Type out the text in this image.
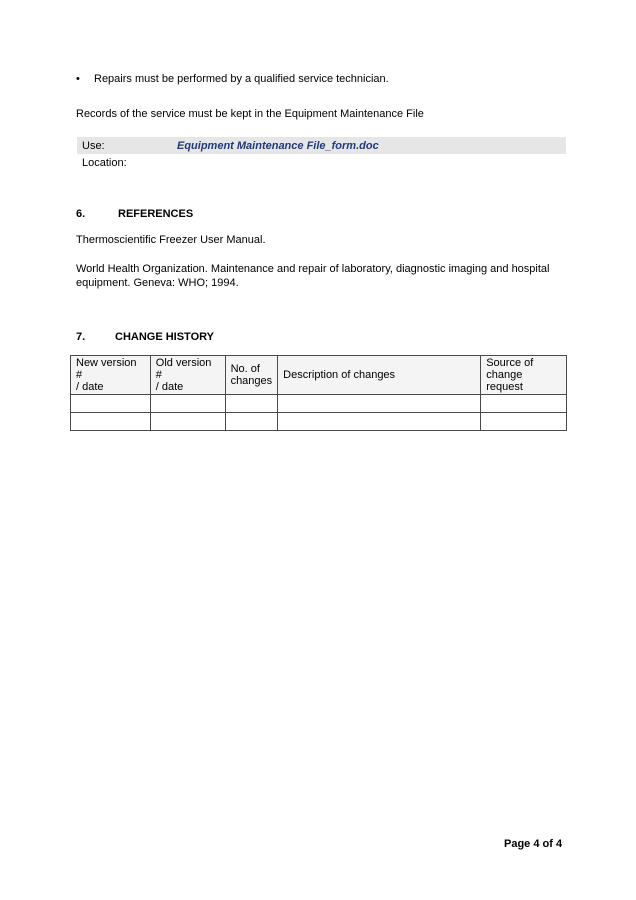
•	Repairs must be performed by a qualified service technician.
Records of the service must be kept in the Equipment Maintenance File
Use:	Equipment Maintenance File_form.doc
Location:
6.	REFERENCES
Thermoscientific Freezer User Manual.
World Health Organization. Maintenance and repair of laboratory, diagnostic imaging and hospital
equipment. Geneva: WHO; 1994.
7.	CHANGE HISTORY
New version #
/ date	Old version #
/ date	No. of
changes	Description of changes	Source of
change request

Page 4 of 4
